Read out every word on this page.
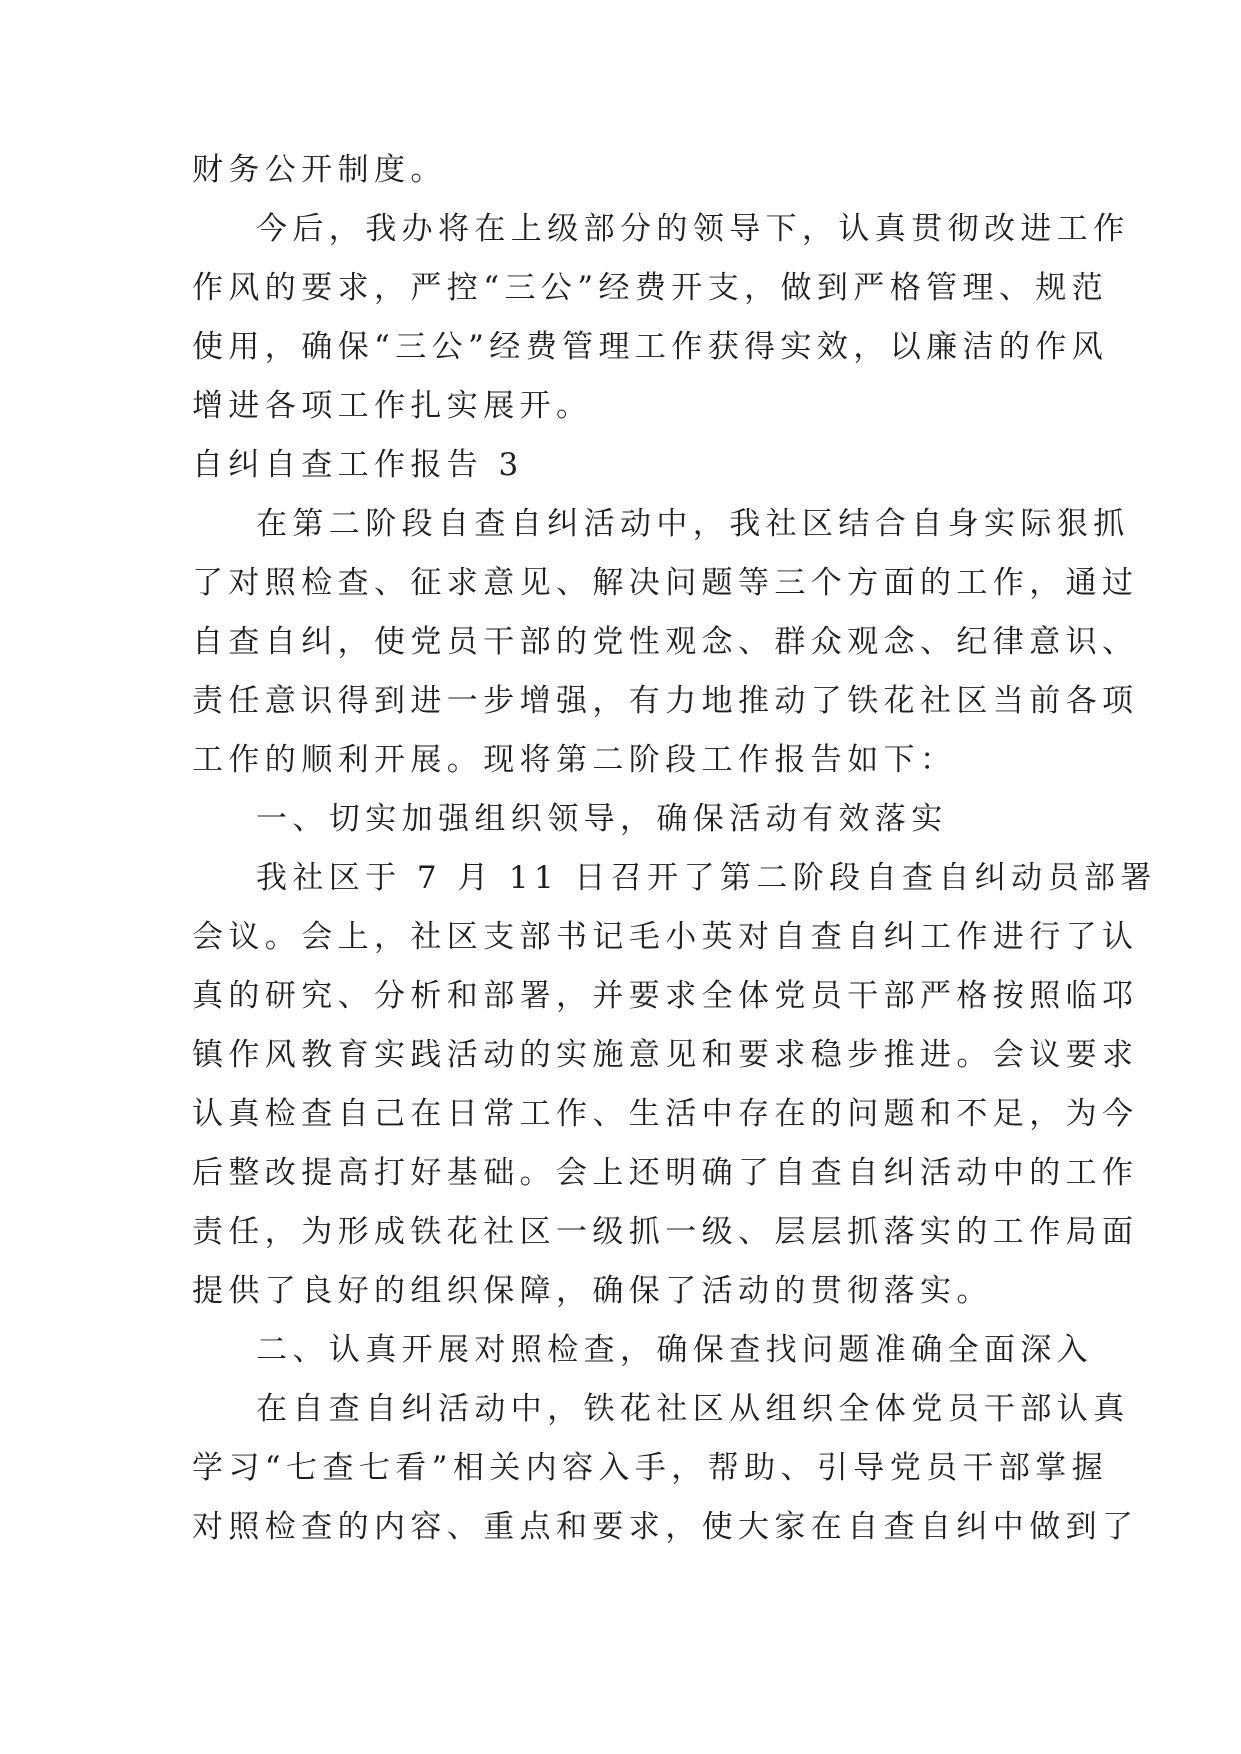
财务公开制度。
今后，我办将在上级部分的领导下，认真贯彻改进工作
作风的要求，严控“三公”经费开支，做到严格管理、规范
使用，确保“三公”经费管理工作获得实效，以廉洁的作风
增进各项工作扎实展开。
自纠自查工作报告 3
在第二阶段自查自纠活动中，我社区结合自身实际狠抓
了对照检查、征求意见、解决问题等三个方面的工作，通过
自查自纠，使党员干部的党性观念、群众观念、纪律意识、
责任意识得到进一步增强，有力地推动了铁花社区当前各项
工作的顺利开展。现将第二阶段工作报告如下：
一、切实加强组织领导，确保活动有效落实
我社区于 7 月 11 日召开了第二阶段自查自纠动员部署
会议。会上，社区支部书记毛小英对自查自纠工作进行了认
真的研究、分析和部署，并要求全体党员干部严格按照临邛
镇作风教育实践活动的实施意见和要求稳步推进。会议要求
认真检查自己在日常工作、生活中存在的问题和不足，为今
后整改提高打好基础。会上还明确了自查自纠活动中的工作
责任，为形成铁花社区一级抓一级、层层抓落实的工作局面
提供了良好的组织保障，确保了活动的贯彻落实。
二、认真开展对照检查，确保查找问题准确全面深入
在自查自纠活动中，铁花社区从组织全体党员干部认真
学习“七查七看”相关内容入手，帮助、引导党员干部掌握
对照检查的内容、重点和要求，使大家在自查自纠中做到了
